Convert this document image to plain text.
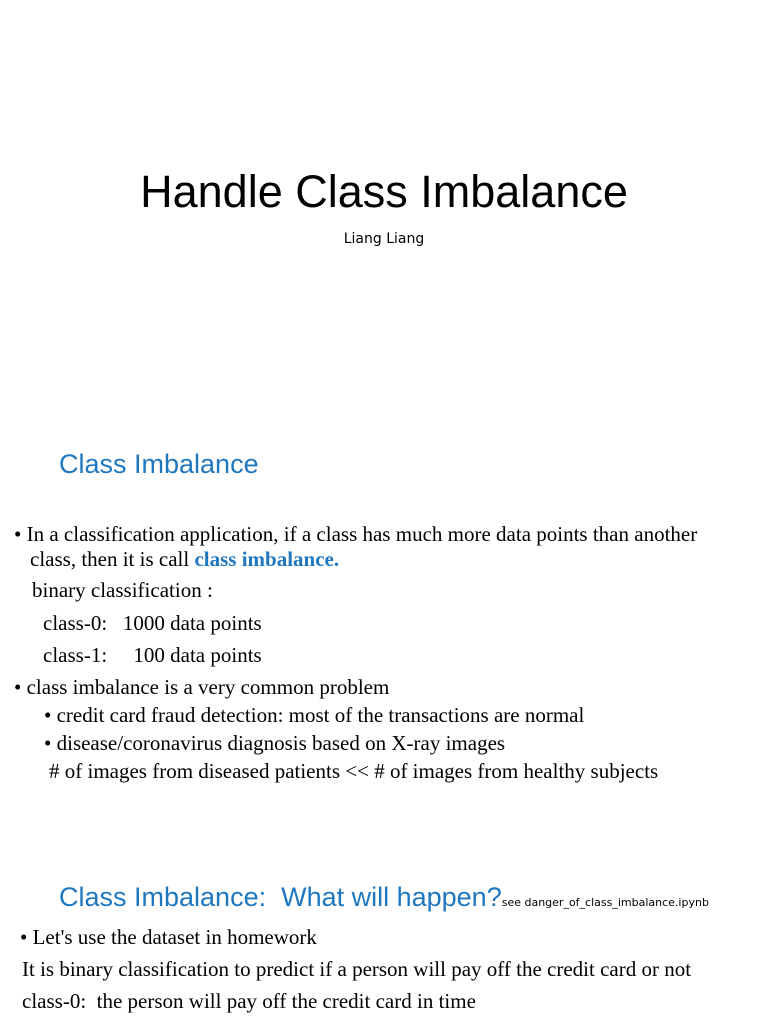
Handle Class Imbalance
Liang Liang
Class Imbalance
• In a classification application, if a class has much more data points than another
class, then it is call class imbalance.
binary classification :
class-0:   1000 data points
class-1:     100 data points
• class imbalance is a very common problem
• credit card fraud detection: most of the transactions are normal
• disease/coronavirus diagnosis based on X-ray images
# of images from diseased patients << # of images from healthy subjects
Class Imbalance:  What will happen?see danger_of_class_imbalance.ipynb
• Let's use the dataset in homework
It is binary classification to predict if a person will pay off the credit card or not
class-0:  the person will pay off the credit card in time
